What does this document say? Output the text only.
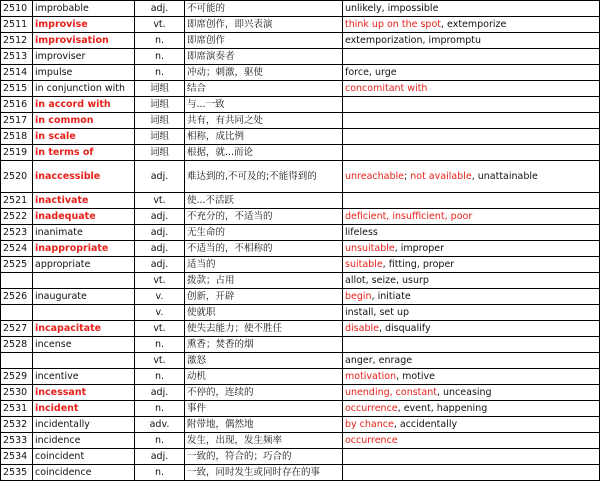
2510	improbable	adj.	不可能的	unlikely, impossible
2511	improvise	vt.	即席创作，即兴表演	think up on the spot, extemporize
2512	improvisation	n.	即席创作	extemporization, impromptu
2513	improviser	n.	即席演奏者	
2514	impulse	n.	冲动；刺激，驱使	force, urge
2515	in conjunction with	词组	结合	concomitant with
2516	in accord with	词组	与...一致	
2517	in common	词组	共有，有共同之处	
2518	in scale	词组	相称，成比例	
2519	in terms of	词组	根据，就...而论	
2520	inaccessible	adj.	难达到的,不可及的;不能得到的	unreachable; not available, unattainable
2521	inactivate	vt.	使...不活跃	
2522	inadequate	adj.	不充分的，不适当的	deficient, insufficient, poor
2523	inanimate	adj.	无生命的	lifeless
2524	inappropriate	adj.	不适当的，不相称的	unsuitable, improper
2525	appropriate	adj.	适当的	suitable, fitting, proper
		vt.	拨款；占用	allot, seize, usurp
2526	inaugurate	v.	创新，开辟	begin, initiate
		v.	使就职	install, set up
2527	incapacitate	vt.	使失去能力；使不胜任	disable, disqualify
2528	incense	n.	熏香；焚香的烟	
		vt.	激怒	anger, enrage
2529	incentive	n.	动机	motivation, motive
2530	incessant	adj.	不停的，连续的	unending, constant, unceasing
2531	incident	n.	事件	occurrence, event, happening
2532	incidentally	adv.	附带地，偶然地	by chance, accidentally
2533	incidence	n.	发生，出现，发生频率	occurrence
2534	coincident	adj.	一致的，符合的；巧合的	
2535	coincidence	n.	一致，同时发生或同时存在的事	
